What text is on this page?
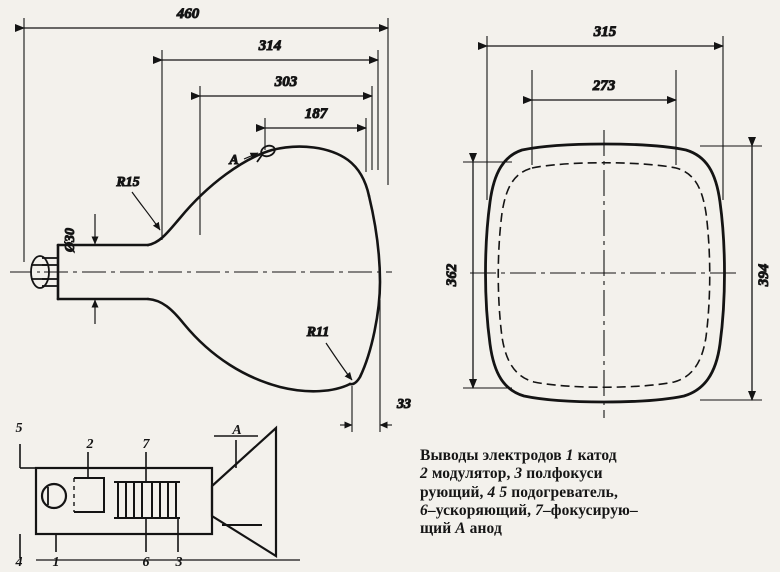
460
314
303
187
A
R15
R11
Ø30
33
315
273
362	394
5
2	7
A
4 1	6 3
Выводы электродов 1 катод
2 модулятор, 3 полфокуси
рующий, 4 5 подогреватель,
6–ускоряющий, 7–фокусирую–
щий A анод
